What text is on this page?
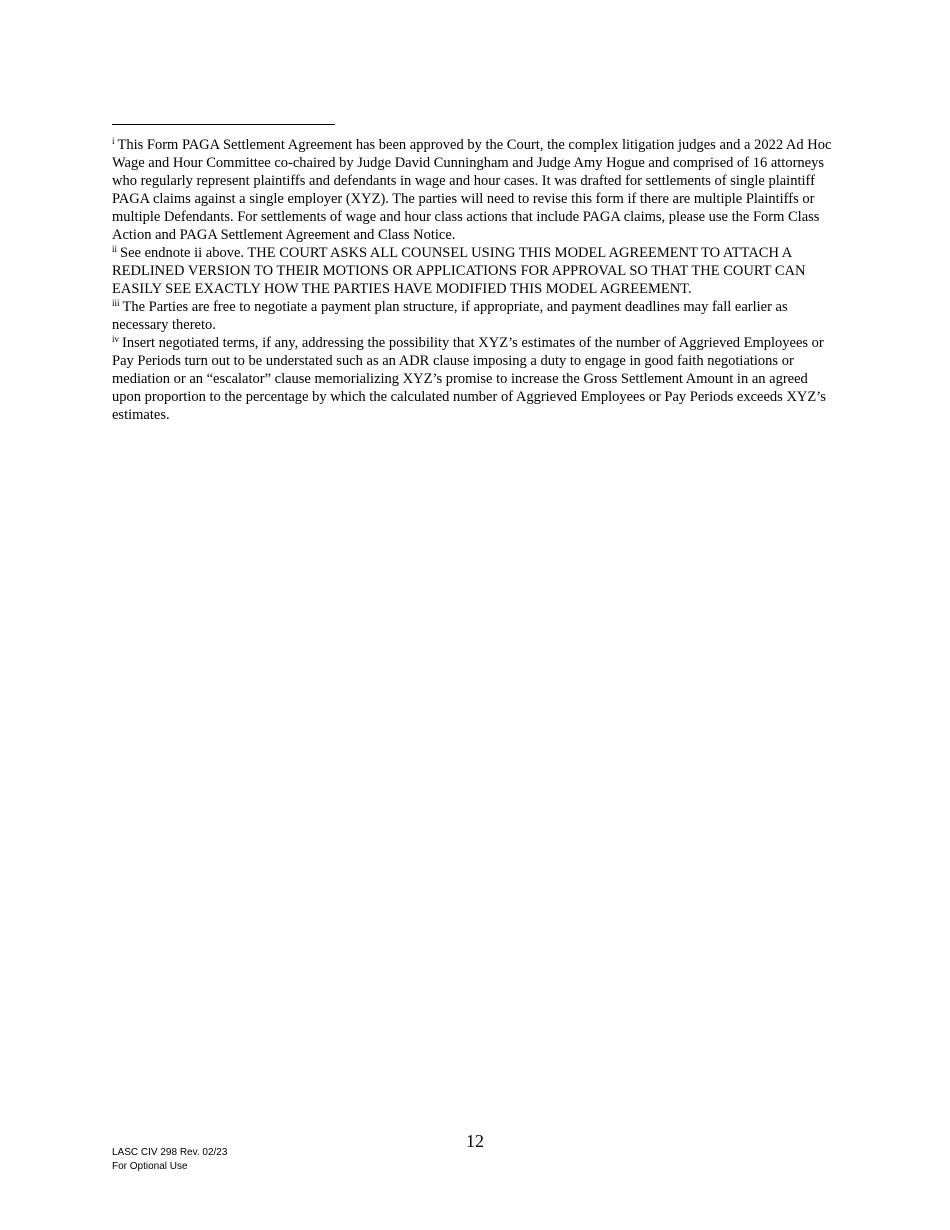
$^i$ This Form PAGA Settlement Agreement has been approved by the Court, the complex litigation judges and a 2022 Ad Hoc Wage and Hour Committee co-chaired by Judge David Cunningham and Judge Amy Hogue and comprised of 16 attorneys who regularly represent plaintiffs and defendants in wage and hour cases. It was drafted for settlements of single plaintiff PAGA claims against a single employer (XYZ). The parties will need to revise this form if there are multiple Plaintiffs or multiple Defendants. For settlements of wage and hour class actions that include PAGA claims, please use the Form Class Action and PAGA Settlement Agreement and Class Notice.

$^{ii}$ See endnote ii above. THE COURT ASKS ALL COUNSEL USING THIS MODEL AGREEMENT TO ATTACH A REDLINED VERSION TO THEIR MOTIONS OR APPLICATIONS FOR APPROVAL SO THAT THE COURT CAN EASILY SEE EXACTLY HOW THE PARTIES HAVE MODIFIED THIS MODEL AGREEMENT.

$^{iii}$ The Parties are free to negotiate a payment plan structure, if appropriate, and payment deadlines may fall earlier as necessary thereto.

$^{iv}$ Insert negotiated terms, if any, addressing the possibility that XYZ’s estimates of the number of Aggrieved Employees or Pay Periods turn out to be understated such as an ADR clause imposing a duty to engage in good faith negotiations or mediation or an “escalator” clause memorializing XYZ’s promise to increase the Gross Settlement Amount in an agreed upon proportion to the percentage by which the calculated number of Aggrieved Employees or Pay Periods exceeds XYZ’s estimates.

12
LASC CIV 298 Rev. 02/23
For Optional Use
